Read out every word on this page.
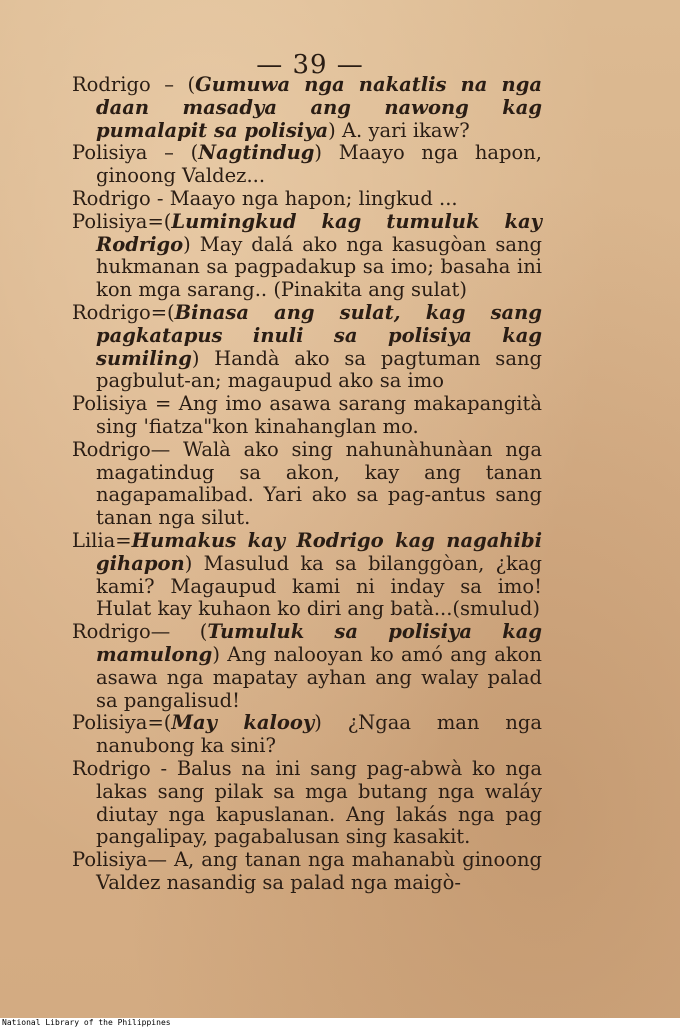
— 39 —

Rodrigo – (Gumuwa nga nakatlis na nga daan masadya ang nawong kag pumalapit sa polisiya) A. yari ikaw?

Polisiya – (Nagtindug) Maayo nga hapon, ginoong Valdez...

Rodrigo - Maayo nga hapon; lingkud ...

Polisiya=(Lumingkud kag tumuluk kay Rodrigo) May dalá ako nga kasugòan sang hukmanan sa pagpadakup sa imo; basaha ini kon mga sarang.. (Pinakita ang sulat)

Rodrigo=(Binasa ang sulat, kag sang pagkatapus inuli sa polisiya kag sumiling) Handà ako sa pagtuman sang pagbulut-an; magaupud ako sa imo

Polisiya = Ang imo asawa sarang makapangità sing 'fiatza"kon kinahanglan mo.

Rodrigo— Walà ako sing nahunàhunàan nga magatindug sa akon, kay ang tanan nagapamalibad. Yari ako sa pag-antus sang tanan nga silut.

Lilia=Humakus kay Rodrigo kag nagahibi gihapon) Masulud ka sa bilanggòan, ¿kag kami? Magaupud kami ni inday sa imo! Hulat kay kuhaon ko diri ang batà...(smulud)

Rodrigo— (Tumuluk sa polisiya kag mamulong) Ang nalooyan ko amó ang akon asawa nga mapatay ayhan ang walay palad sa pangalisud!

Polisiya=(May kalooy) ¿Ngaa man nga nanubong ka sini?

Rodrigo - Balus na ini sang pag-abwà ko nga lakas sang pilak sa mga butang nga waláy diutay nga kapuslanan. Ang lakás nga pag pangalipay, pagabalusan sing kasakit.

Polisiya— A, ang tanan nga mahanabù ginoong Valdez nasandig sa palad nga maigò-

National Library of the Philippines
